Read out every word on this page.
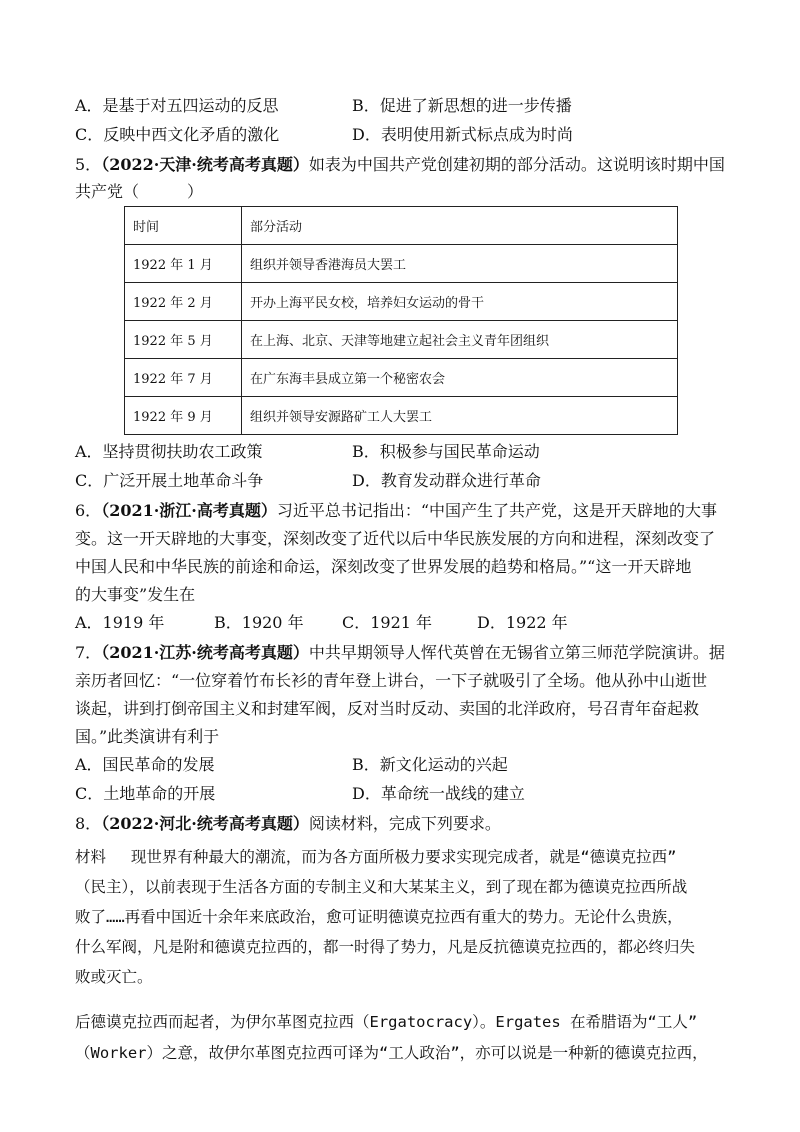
A．是基于对五四运动的反思	B．促进了新思想的进一步传播
C．反映中西文化矛盾的激化	D．表明使用新式标点成为时尚
5．（2022·天津·统考高考真题）如表为中国共产党创建初期的部分活动。这说明该时期中国
共产党（　　　）
时间	部分活动
1922 年 1 月	组织并领导香港海员大罢工
1922 年 2 月	开办上海平民女校，培养妇女运动的骨干
1922 年 5 月	在上海、北京、天津等地建立起社会主义青年团组织
1922 年 7 月	在广东海丰县成立第一个秘密农会
1922 年 9 月	组织并领导安源路矿工人大罢工
A．坚持贯彻扶助农工政策	B．积极参与国民革命运动
C．广泛开展土地革命斗争	D．教育发动群众进行革命
6．（2021·浙江·高考真题）习近平总书记指出：“中国产生了共产党，这是开天辟地的大事
变。这一开天辟地的大事变，深刻改变了近代以后中华民族发展的方向和进程，深刻改变了
中国人民和中华民族的前途和命运，深刻改变了世界发展的趋势和格局。”“这一开天辟地
的大事变”发生在
A．1919 年	B．1920 年 C．1921 年	D．1922 年
7．（2021·江苏·统考高考真题）中共早期领导人恽代英曾在无锡省立第三师范学院演讲。据
亲历者回忆：“一位穿着竹布长衫的青年登上讲台，一下子就吸引了全场。他从孙中山逝世
谈起，讲到打倒帝国主义和封建军阀，反对当时反动、卖国的北洋政府，号召青年奋起救
国。”此类演讲有利于
A．国民革命的发展	B．新文化运动的兴起
C．土地革命的开展	D．革命统一战线的建立
8．（2022·河北·统考高考真题）阅读材料，完成下列要求。
材料　 现世界有种最大的潮流，而为各方面所极力要求实现完成者，就是“德谟克拉西”
（民主），以前表现于生活各方面的专制主义和大某某主义，到了现在都为德谟克拉西所战
败了……再看中国近十余年来底政治，愈可证明德谟克拉西有重大的势力。无论什么贵族，
什么军阀，凡是附和德谟克拉西的，都一时得了势力，凡是反抗德谟克拉西的，都必终归失
败或灭亡。
后德谟克拉西而起者，为伊尔革图克拉西（Ergatocracy）。Ergates 在希腊语为“工人”
（Worker）之意，故伊尔革图克拉西可译为“工人政治”，亦可以说是一种新的德谟克拉西，
